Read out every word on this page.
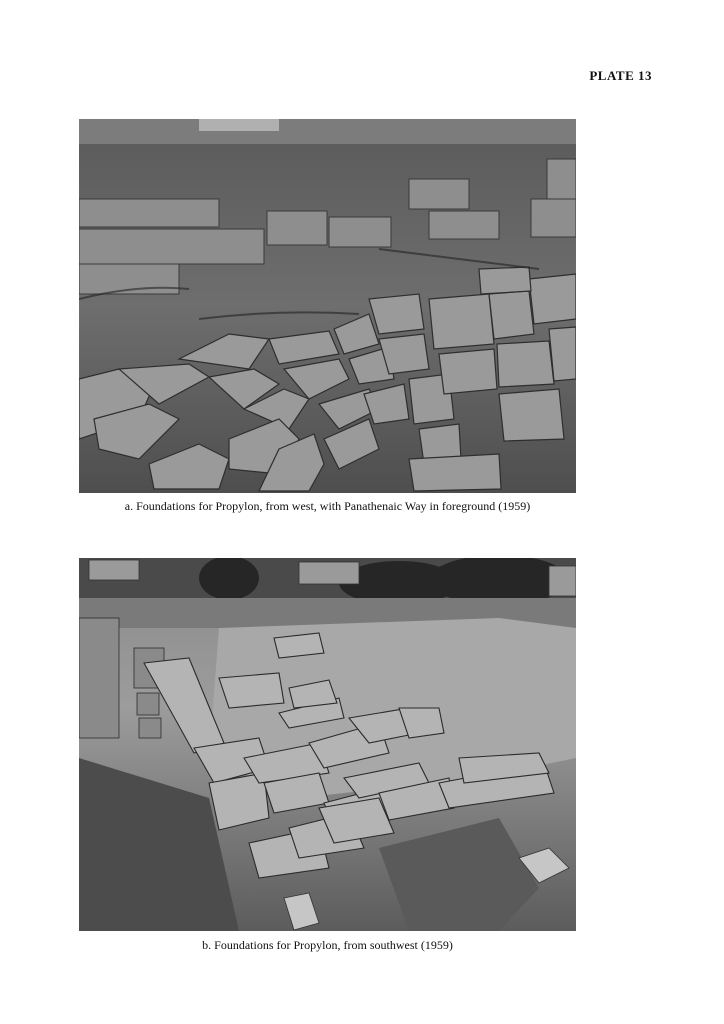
PLATE 13
a. Foundations for Propylon, from west, with Panathenaic Way in foreground (1959)
b. Foundations for Propylon, from southwest (1959)
